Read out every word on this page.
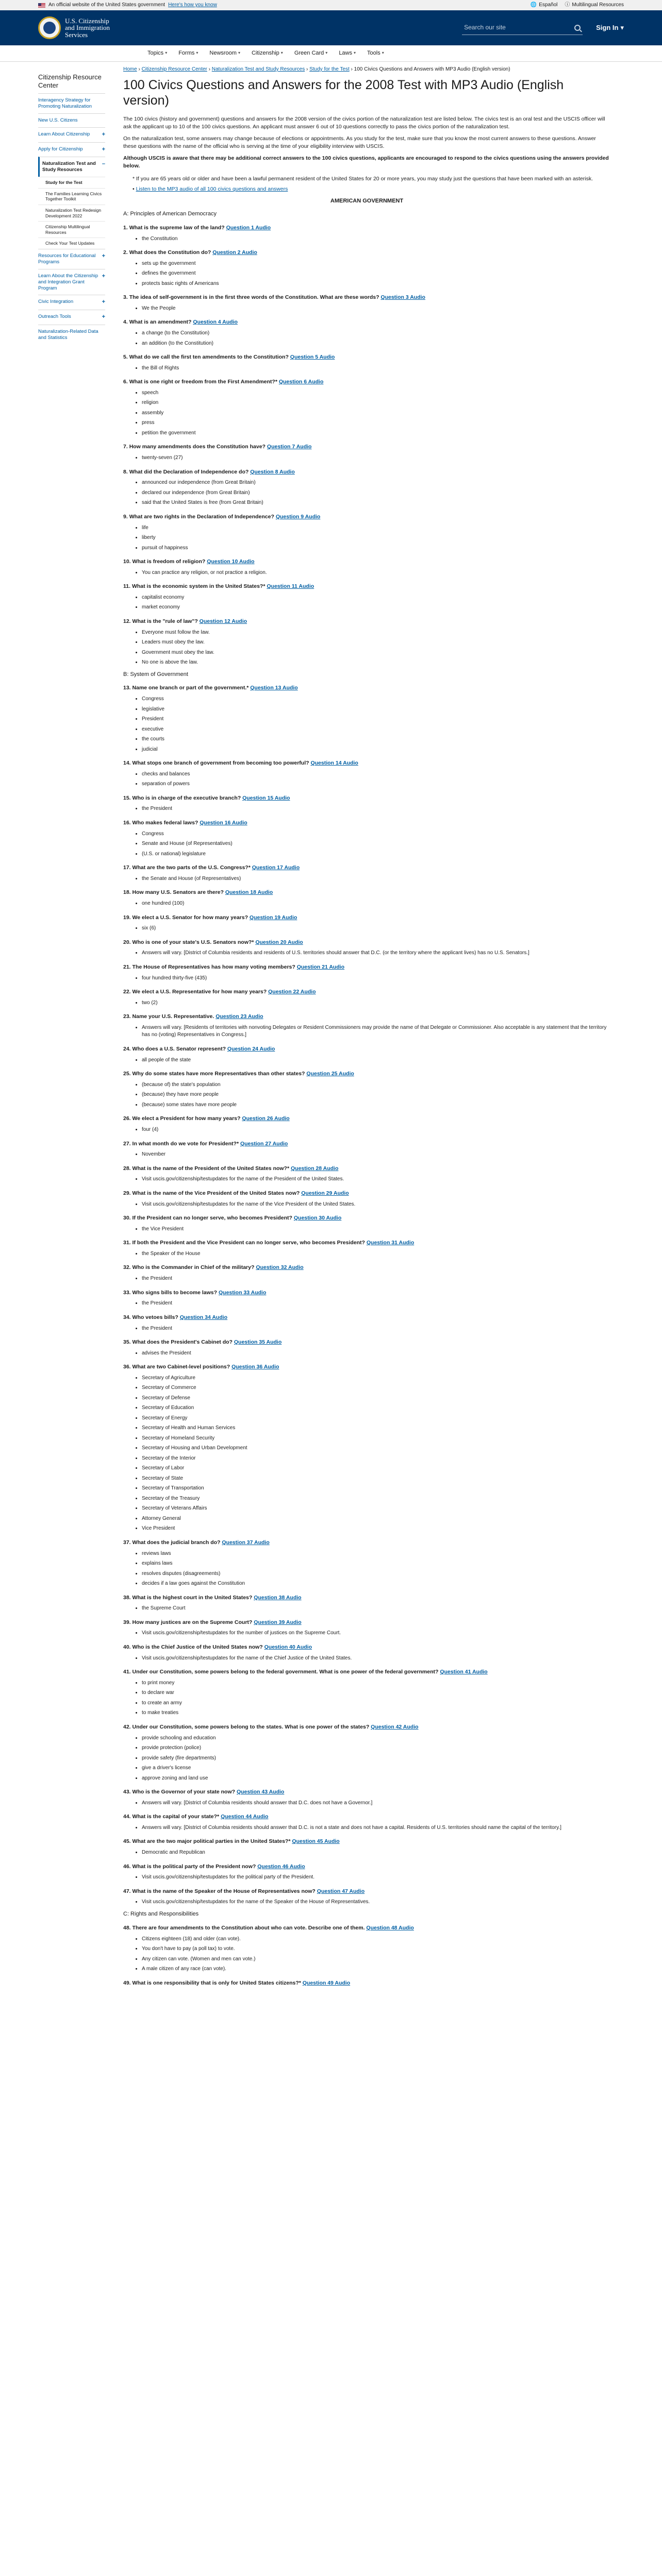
An official website of the United States government Here's how you know	🌐 Español ⓘ Multilingual Resources
U.S. Citizenship
and Immigration
Services
Search our site	Sign In ▾
Topics ▾ Forms ▾ Newsroom ▾ Citizenship ▾ Green Card ▾ Laws ▾ Tools ▾
Citizenship Resource Center
Interagency Strategy for Promoting Naturalization
New U.S. Citizens
Learn About Citizenship +
Apply for Citizenship	+
Naturalization Test and Study Resources
–
Study for the Test
The Families Learning Civics Together Toolkit
Naturalization Test Redesign Development 2022
Citizenship Multilingual Resources
Check Your Test Updates
Resources for Educational Programs
+
Learn About the Citizenship and Integration Grant Program
+
Civic Integration	+
Outreach Tools	+
Naturalization-Related Data and Statistics
Home › Citizenship Resource Center › Naturalization Test and Study Resources › Study for the Test › 100 Civics Questions and Answers with MP3 Audio (English version)
100 Civics Questions and Answers for the 2008 Test with MP3 Audio (English version)

The 100 civics (history and government) questions and answers for the 2008 version of the civics portion of the naturalization test are listed below. The civics test is an oral test and the USCIS officer will ask the applicant up to 10 of the 100 civics questions. An applicant must answer 6 out of 10 questions correctly to pass the civics portion of the naturalization test.

On the naturalization test, some answers may change because of elections or appointments. As you study for the test, make sure that you know the most current answers to these questions. Answer these questions with the name of the official who is serving at the time of your eligibility interview with USCIS.

Although USCIS is aware that there may be additional correct answers to the 100 civics questions, applicants are encouraged to respond to the civics questions using the answers provided below.
* If you are 65 years old or older and have been a lawful permanent resident of the United States for 20 or more years, you may study just the questions that have been marked with an asterisk.
• Listen to the MP3 audio of all 100 civics questions and answers
AMERICAN GOVERNMENT
A: Principles of American Democracy
1. What is the supreme law of the land? Question 1 Audio
• the Constitution
2. What does the Constitution do? Question 2 Audio
• sets up the government
• defines the government
• protects basic rights of Americans
3. The idea of self-government is in the first three words of the Constitution. What are these words? Question 3 Audio
• We the People
4. What is an amendment? Question 4 Audio
• a change (to the Constitution)
• an addition (to the Constitution)
5. What do we call the first ten amendments to the Constitution? Question 5 Audio
• the Bill of Rights
6. What is one right or freedom from the First Amendment?* Question 6 Audio
• speech
• religion
• assembly
• press
• petition the government
7. How many amendments does the Constitution have? Question 7 Audio
• twenty-seven (27)
8. What did the Declaration of Independence do? Question 8 Audio
• announced our independence (from Great Britain)
• declared our independence (from Great Britain)
• said that the United States is free (from Great Britain)
9. What are two rights in the Declaration of Independence? Question 9 Audio
• life
• liberty
• pursuit of happiness
10. What is freedom of religion? Question 10 Audio
• You can practice any religion, or not practice a religion.
11. What is the economic system in the United States?* Question 11 Audio
• capitalist economy
• market economy
12. What is the "rule of law"? Question 12 Audio
• Everyone must follow the law.
• Leaders must obey the law.
• Government must obey the law.
• No one is above the law.
B: System of Government
13. Name one branch or part of the government.* Question 13 Audio
• Congress
• legislative
• President
• executive
• the courts
• judicial
14. What stops one branch of government from becoming too powerful? Question 14 Audio
• checks and balances
• separation of powers
15. Who is in charge of the executive branch? Question 15 Audio
• the President
16. Who makes federal laws? Question 16 Audio
• Congress
• Senate and House (of Representatives)
• (U.S. or national) legislature
17. What are the two parts of the U.S. Congress?* Question 17 Audio
• the Senate and House (of Representatives)
18. How many U.S. Senators are there? Question 18 Audio
• one hundred (100)
19. We elect a U.S. Senator for how many years? Question 19 Audio
• six (6)
20. Who is one of your state's U.S. Senators now?* Question 20 Audio
• Answers will vary. [District of Columbia residents and residents of U.S. territories should answer that D.C. (or the territory where the applicant lives) has no U.S. Senators.]
21. The House of Representatives has how many voting members? Question 21 Audio
• four hundred thirty-five (435)
22. We elect a U.S. Representative for how many years? Question 22 Audio
• two (2)
23. Name your U.S. Representative. Question 23 Audio
• Answers will vary. [Residents of territories with nonvoting Delegates or Resident Commissioners may provide the name of that Delegate or Commissioner. Also acceptable is any statement that the territory has no (voting) Representatives in Congress.]
24. Who does a U.S. Senator represent? Question 24 Audio
• all people of the state
25. Why do some states have more Representatives than other states? Question 25 Audio
• (because of) the state's population
• (because) they have more people
• (because) some states have more people
26. We elect a President for how many years? Question 26 Audio
• four (4)
27. In what month do we vote for President?* Question 27 Audio
• November
28. What is the name of the President of the United States now?* Question 28 Audio
• Visit uscis.gov/citizenship/testupdates for the name of the President of the United States.
29. What is the name of the Vice President of the United States now? Question 29 Audio
• Visit uscis.gov/citizenship/testupdates for the name of the Vice President of the United States.
30. If the President can no longer serve, who becomes President? Question 30 Audio
• the Vice President
31. If both the President and the Vice President can no longer serve, who becomes President? Question 31 Audio
• the Speaker of the House
32. Who is the Commander in Chief of the military? Question 32 Audio
• the President
33. Who signs bills to become laws? Question 33 Audio
• the President
34. Who vetoes bills? Question 34 Audio
• the President
35. What does the President's Cabinet do? Question 35 Audio
• advises the President
36. What are two Cabinet-level positions? Question 36 Audio
• Secretary of Agriculture
• Secretary of Commerce
• Secretary of Defense
• Secretary of Education
• Secretary of Energy
• Secretary of Health and Human Services
• Secretary of Homeland Security
• Secretary of Housing and Urban Development
• Secretary of the Interior
• Secretary of Labor
• Secretary of State
• Secretary of Transportation
• Secretary of the Treasury
• Secretary of Veterans Affairs
• Attorney General
• Vice President
37. What does the judicial branch do? Question 37 Audio
• reviews laws
• explains laws
• resolves disputes (disagreements)
• decides if a law goes against the Constitution
38. What is the highest court in the United States? Question 38 Audio
• the Supreme Court
39. How many justices are on the Supreme Court? Question 39 Audio
• Visit uscis.gov/citizenship/testupdates for the number of justices on the Supreme Court.
40. Who is the Chief Justice of the United States now? Question 40 Audio
• Visit uscis.gov/citizenship/testupdates for the name of the Chief Justice of the United States.
41. Under our Constitution, some powers belong to the federal government. What is one power of the federal government? Question 41 Audio
• to print money
• to declare war
• to create an army
• to make treaties
42. Under our Constitution, some powers belong to the states. What is one power of the states? Question 42 Audio
• provide schooling and education
• provide protection (police)
• provide safety (fire departments)
• give a driver's license
• approve zoning and land use
43. Who is the Governor of your state now? Question 43 Audio
• Answers will vary. [District of Columbia residents should answer that D.C. does not have a Governor.]
44. What is the capital of your state?* Question 44 Audio
• Answers will vary. [District of Columbia residents should answer that D.C. is not a state and does not have a capital. Residents of U.S. territories should name the capital of the territory.]
45. What are the two major political parties in the United States?* Question 45 Audio
• Democratic and Republican
46. What is the political party of the President now? Question 46 Audio
• Visit uscis.gov/citizenship/testupdates for the political party of the President.
47. What is the name of the Speaker of the House of Representatives now? Question 47 Audio
• Visit uscis.gov/citizenship/testupdates for the name of the Speaker of the House of Representatives.
C: Rights and Responsibilities
48. There are four amendments to the Constitution about who can vote. Describe one of them. Question 48 Audio
• Citizens eighteen (18) and older (can vote).
• You don't have to pay (a poll tax) to vote.
• Any citizen can vote. (Women and men can vote.)
• A male citizen of any race (can vote).
49. What is one responsibility that is only for United States citizens?* Question 49 Audio
